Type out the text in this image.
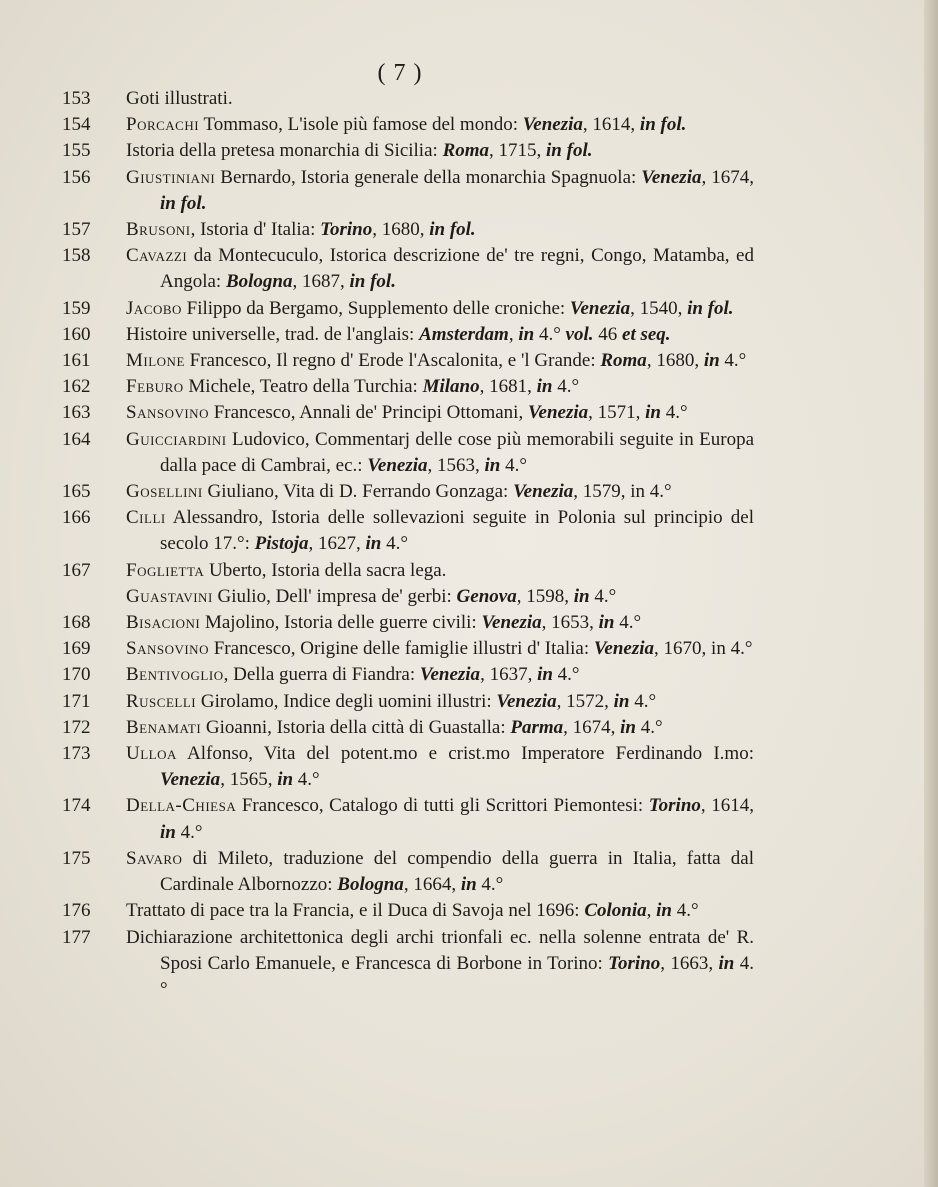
( 7 )
153	Goti illustrati.
154	Porcachi Tommaso, L'isole più famose del mondo: Venezia, 1614, in fol.
155	Istoria della pretesa monarchia di Sicilia: Roma, 1715, in fol.
156	Giustiniani Bernardo, Istoria generale della monarchia Spagnuola: Venezia, 1674, in fol.
157	Brusoni, Istoria d' Italia: Torino, 1680, in fol.
158	Cavazzi da Montecuculo, Istorica descrizione de' tre regni, Congo, Matamba, ed Angola: Bologna, 1687, in fol.
159	Jacobo Filippo da Bergamo, Supplemento delle croniche: Venezia, 1540, in fol.
160	Histoire universelle, trad. de l'anglais: Amsterdam, in 4.° vol. 46 et seq.
161	Milone Francesco, Il regno d' Erode l'Ascalonita, e 'l Grande: Roma, 1680, in 4.°
162	Feburo Michele, Teatro della Turchia: Milano, 1681, in 4.°
163	Sansovino Francesco, Annali de' Principi Ottomani, Venezia, 1571, in 4.°
164	Guicciardini Ludovico, Commentarj delle cose più memorabili seguite in Europa dalla pace di Cambrai, ec.: Venezia, 1563, in 4.°
165	Gosellini Giuliano, Vita di D. Ferrando Gonzaga: Venezia, 1579, in 4.°
166	Cilli Alessandro, Istoria delle sollevazioni seguite in Polonia sul principio del secolo 17.°: Pistoja, 1627, in 4.°
167	Foglietta Uberto, Istoria della sacra lega.
Guastavini Giulio, Dell' impresa de' gerbi: Genova, 1598, in 4.°
168	Bisacioni Majolino, Istoria delle guerre civili: Venezia, 1653, in 4.°
169	Sansovino Francesco, Origine delle famiglie illustri d' Italia: Venezia, 1670, in 4.°
170	Bentivoglio, Della guerra di Fiandra: Venezia, 1637, in 4.°
171	Ruscelli Girolamo, Indice degli uomini illustri: Venezia, 1572, in 4.°
172	Benamati Gioanni, Istoria della città di Guastalla: Parma, 1674, in 4.°
173	Ulloa Alfonso, Vita del potent.mo e crist.mo Imperatore Ferdinando I.mo: Venezia, 1565, in 4.°
174	Della-Chiesa Francesco, Catalogo di tutti gli Scrittori Piemontesi: Torino, 1614, in 4.°
175	Savaro di Mileto, traduzione del compendio della guerra in Italia, fatta dal Cardinale Albornozzo: Bologna, 1664, in 4.°
176	Trattato di pace tra la Francia, e il Duca di Savoja nel 1696: Colonia, in 4.°
177	Dichiarazione architettonica degli archi trionfali ec. nella solenne entrata de' R. Sposi Carlo Emanuele, e Francesca di Borbone in Torino: Torino, 1663, in 4.°
